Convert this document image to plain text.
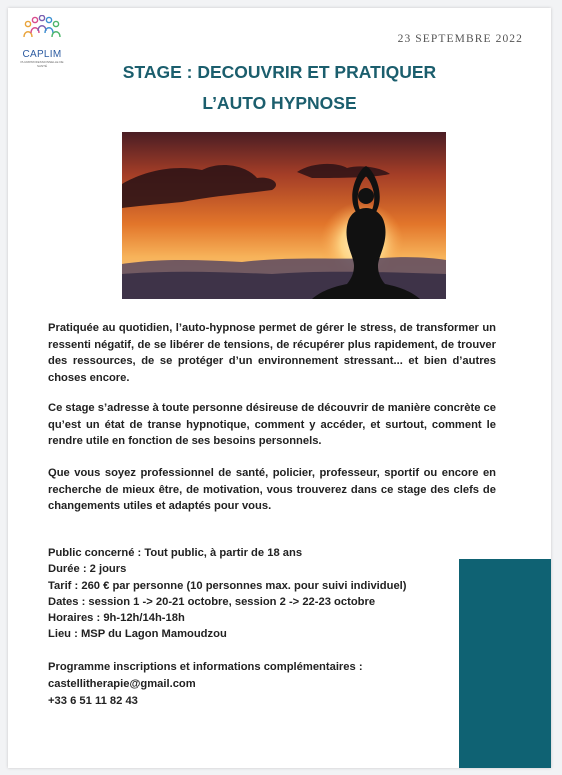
CAPLIM
PLURIPROFESSIONNELLE DE SANTÉ
23 SEPTEMBRE 2022
STAGE : DECOUVRIR ET PRATIQUER
L’AUTO HYPNOSE
Pratiquée au quotidien, l’auto-hypnose permet de gérer le stress, de transformer un ressenti négatif, de se libérer de tensions, de récupérer plus rapidement, de trouver des ressources, de se protéger d’un environnement stressant... et bien d’autres choses encore.
Ce stage s’adresse à toute personne désireuse de découvrir de manière concrète ce qu’est un état de transe hypnotique, comment y accéder, et surtout, comment le rendre utile en fonction de ses besoins personnels.
Que vous soyez professionnel de santé, policier, professeur, sportif ou encore en recherche de mieux être, de motivation, vous trouverez dans ce stage des clefs de changements utiles et adaptés pour vous.
Public concerné : Tout public, à partir de 18 ans
Durée : 2 jours
Tarif : 260 € par personne (10 personnes max. pour suivi individuel)
Dates : session 1 -> 20-21 octobre, session 2 -> 22-23 octobre
Horaires : 9h-12h/14h-18h
Lieu : MSP du Lagon Mamoudzou
Programme inscriptions et informations complémentaires :
castellitherapie@gmail.com
+33 6 51 11 82 43
